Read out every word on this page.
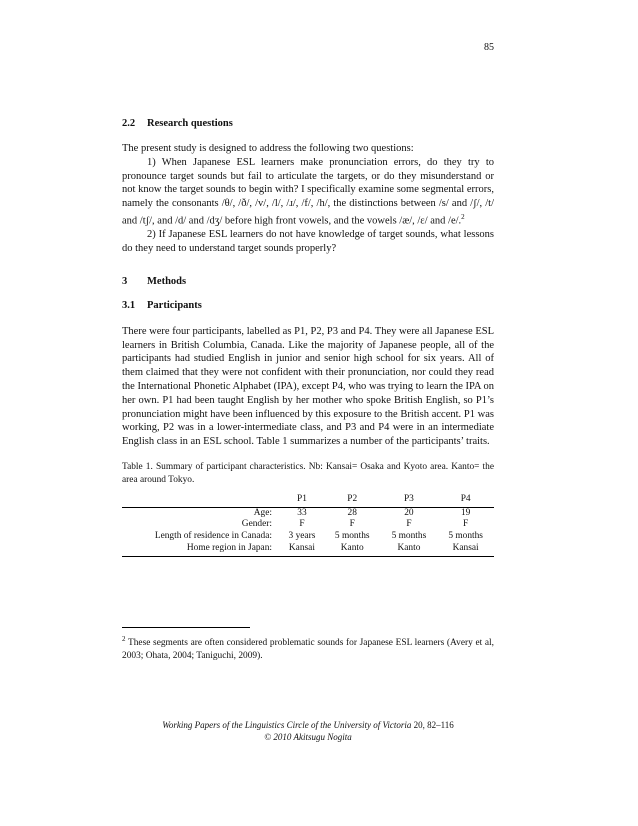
85

2.2 Research questions

The present study is designed to address the following two questions:

1) When Japanese ESL learners make pronunciation errors, do they try to pronounce target sounds but fail to articulate the targets, or do they misunderstand or not know the target sounds to begin with? I specifically examine some segmental errors, namely the consonants /θ/, /ð/, /v/, /l/, /ɹ/, /f/, /h/, the distinctions between /s/ and /ʃ/, /t/ and /tʃ/, and /d/ and /dʒ/ before high front vowels, and the vowels /æ/, /ɛ/ and /e/.$^2$

2) If Japanese ESL learners do not have knowledge of target sounds, what lessons do they need to understand target sounds properly?

3 Methods

3.1 Participants

There were four participants, labelled as P1, P2, P3 and P4. They were all Japanese ESL learners in British Columbia, Canada. Like the majority of Japanese people, all of the participants had studied English in junior and senior high school for six years. All of them claimed that they were not confident with their pronunciation, nor could they read the International Phonetic Alphabet (IPA), except P4, who was trying to learn the IPA on her own. P1 had been taught English by her mother who spoke British English, so P1’s pronunciation might have been influenced by this exposure to the British accent. P1 was working, P2 was in a lower-intermediate class, and P3 and P4 were in an intermediate English class in an ESL school. Table 1 summarizes a number of the participants’ traits.

Table 1. Summary of participant characteristics. Nb: Kansai= Osaka and Kyoto area. Kanto= the area around Tokyo.

	P1	P2	P3	P4
Age:	33	28	20	19
Gender:	F	F	F	F
Length of residence in Canada:	3 years	5 months	5 months	5 months
Home region in Japan:	Kansai	Kanto	Kanto	Kansai

$^2$ These segments are often considered problematic sounds for Japanese ESL learners (Avery et al, 2003; Ohata, 2004; Taniguchi, 2009).

Working Papers of the Linguistics Circle of the University of Victoria 20, 82–116
© 2010 Akitsugu Nogita
